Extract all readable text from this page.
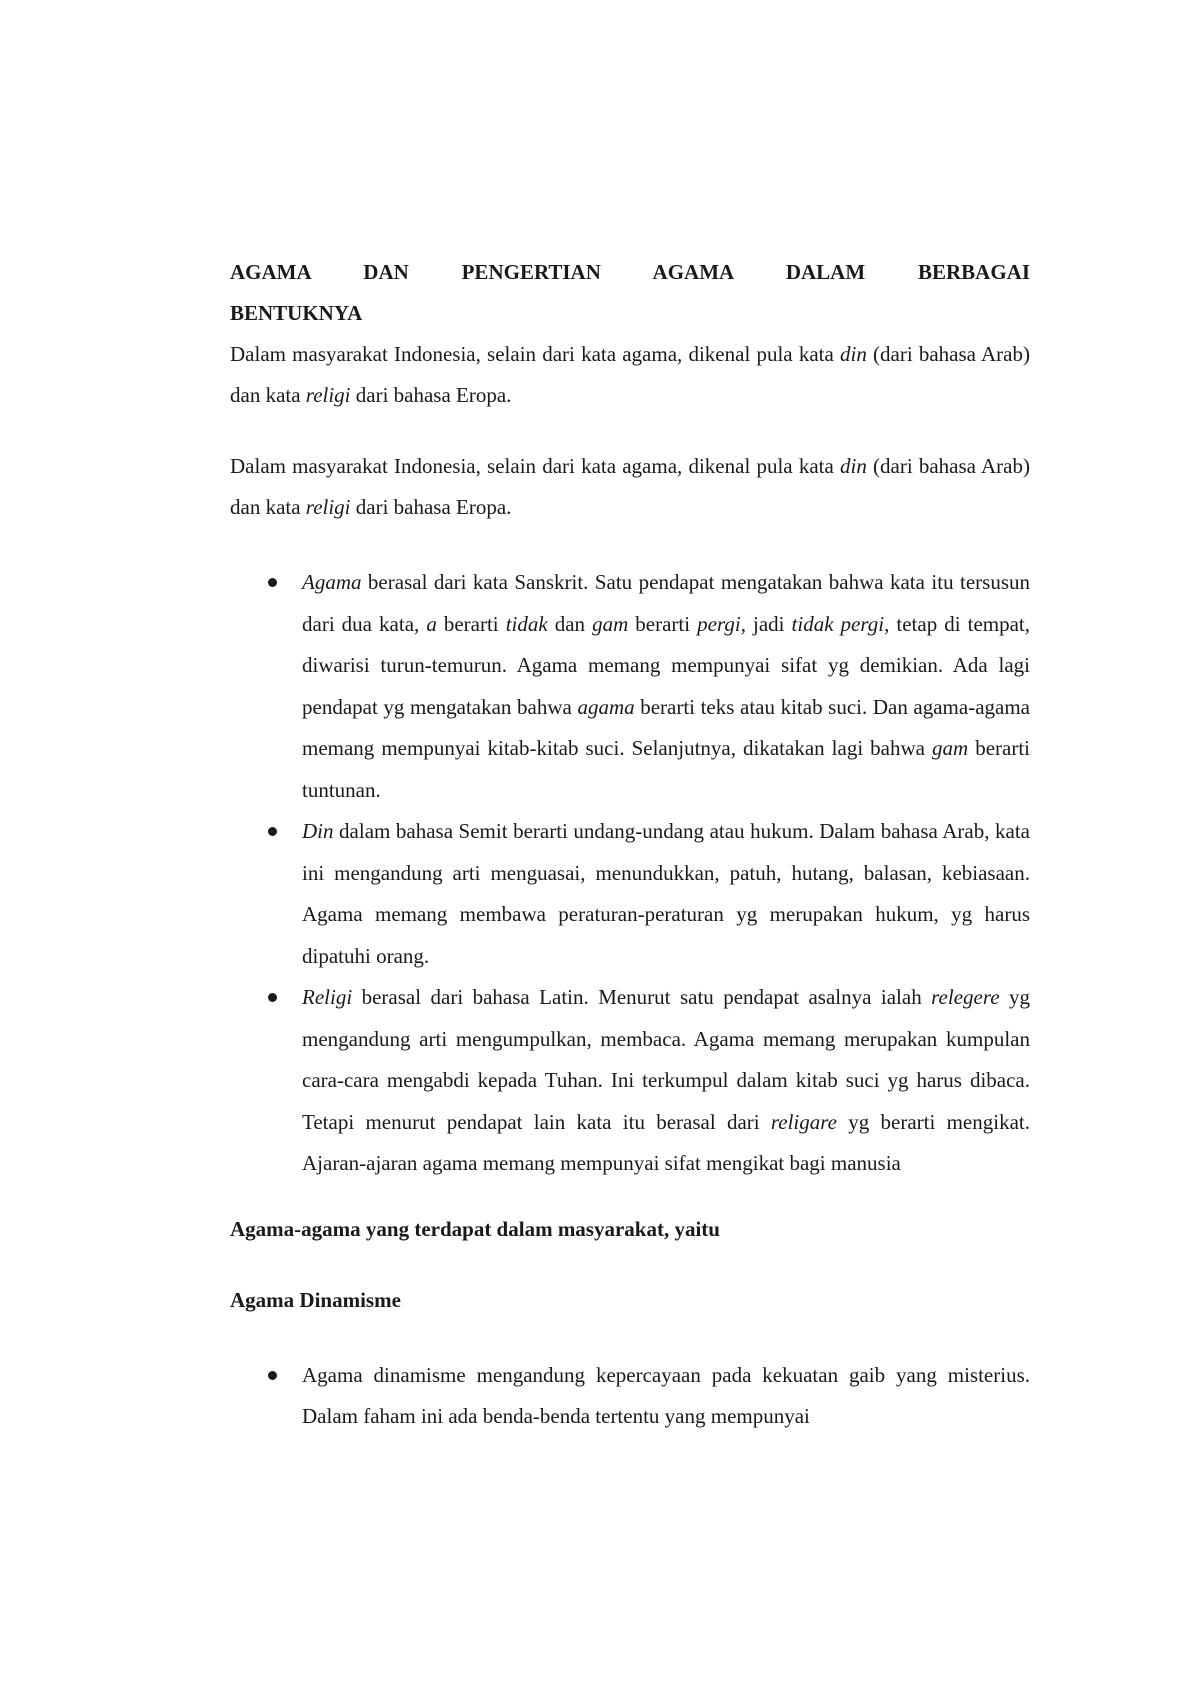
AGAMA DAN PENGERTIAN AGAMA DALAM BERBAGAI

BENTUKNYA

Dalam masyarakat Indonesia, selain dari kata agama, dikenal pula kata din (dari bahasa Arab) dan kata religi dari bahasa Eropa.

Dalam masyarakat Indonesia, selain dari kata agama, dikenal pula kata din (dari bahasa Arab) dan kata religi dari bahasa Eropa.

Agama berasal dari kata Sanskrit. Satu pendapat mengatakan bahwa kata itu tersusun dari dua kata, a berarti tidak dan gam berarti pergi, jadi tidak pergi, tetap di tempat, diwarisi turun-temurun. Agama memang mempunyai sifat yg demikian. Ada lagi pendapat yg mengatakan bahwa agama berarti teks atau kitab suci. Dan agama-agama memang mempunyai kitab-kitab suci. Selanjutnya, dikatakan lagi bahwa gam berarti tuntunan.
Din dalam bahasa Semit berarti undang-undang atau hukum. Dalam bahasa Arab, kata ini mengandung arti menguasai, menundukkan, patuh, hutang, balasan, kebiasaan. Agama memang membawa peraturan-peraturan yg merupakan hukum, yg harus dipatuhi orang.
Religi berasal dari bahasa Latin. Menurut satu pendapat asalnya ialah relegere yg mengandung arti mengumpulkan, membaca. Agama memang merupakan kumpulan cara-cara mengabdi kepada Tuhan. Ini terkumpul dalam kitab suci yg harus dibaca. Tetapi menurut pendapat lain kata itu berasal dari religare yg berarti mengikat. Ajaran-ajaran agama memang mempunyai sifat mengikat bagi manusia

Agama-agama yang terdapat dalam masyarakat, yaitu

Agama Dinamisme

Agama dinamisme mengandung kepercayaan pada kekuatan gaib yang misterius. Dalam faham ini ada benda-benda tertentu yang mempunyai
